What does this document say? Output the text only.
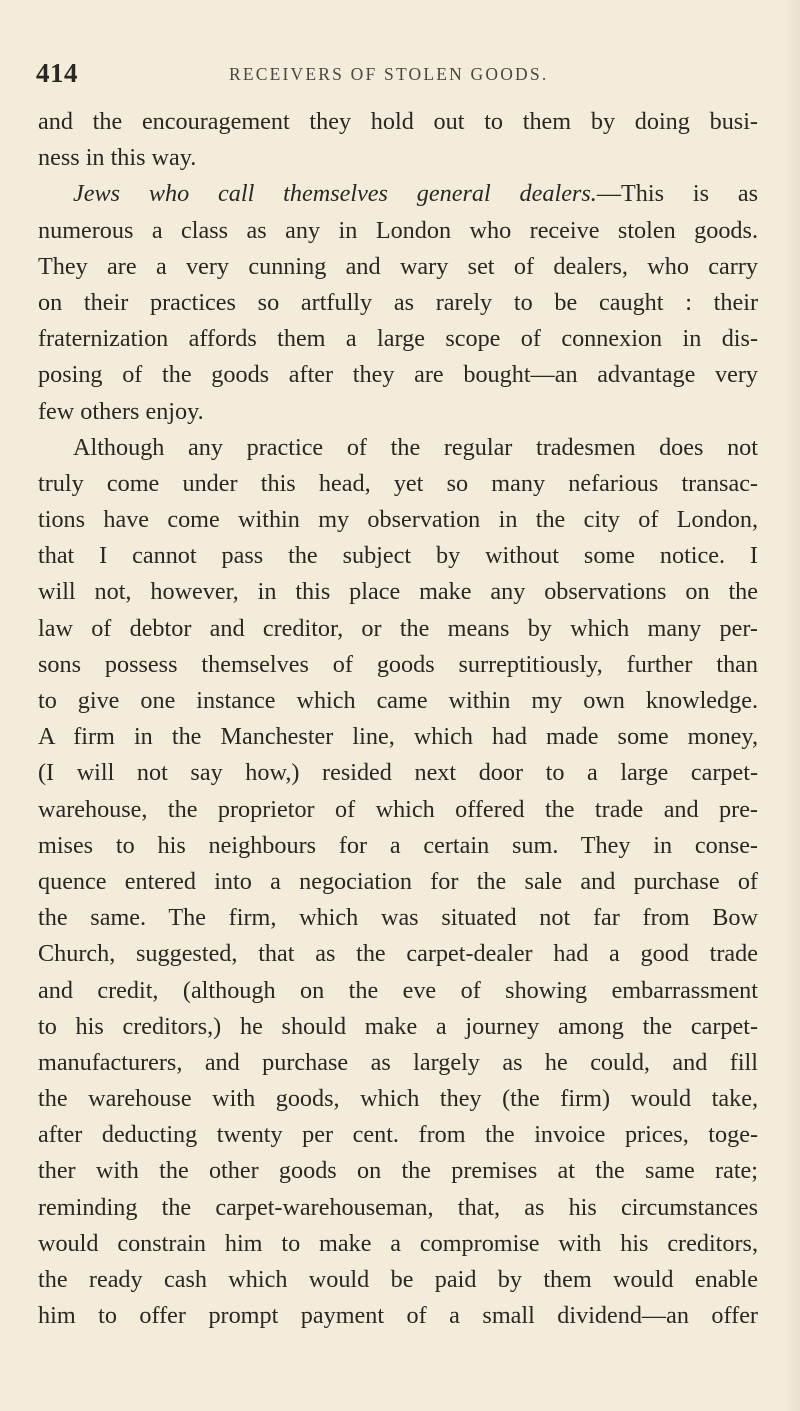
414	RECEIVERS OF STOLEN GOODS.
and the encouragement they hold out to them by doing busi-
ness in this way.
Jews who call themselves general dealers.—This is as
numerous a class as any in London who receive stolen goods.
They are a very cunning and wary set of dealers, who carry
on their practices so artfully as rarely to be caught : their
fraternization affords them a large scope of connexion in dis-
posing of the goods after they are bought—an advantage very
few others enjoy.
Although any practice of the regular tradesmen does not
truly come under this head, yet so many nefarious transac-
tions have come within my observation in the city of London,
that I cannot pass the subject by without some notice. I
will not, however, in this place make any observations on the
law of debtor and creditor, or the means by which many per-
sons possess themselves of goods surreptitiously, further than
to give one instance which came within my own knowledge.
A firm in the Manchester line, which had made some money,
(I will not say how,) resided next door to a large carpet-
warehouse, the proprietor of which offered the trade and pre-
mises to his neighbours for a certain sum. They in conse-
quence entered into a negociation for the sale and purchase of
the same. The firm, which was situated not far from Bow
Church, suggested, that as the carpet-dealer had a good trade
and credit, (although on the eve of showing embarrassment
to his creditors,) he should make a journey among the carpet-
manufacturers, and purchase as largely as he could, and fill
the warehouse with goods, which they (the firm) would take,
after deducting twenty per cent. from the invoice prices, toge-
ther with the other goods on the premises at the same rate;
reminding the carpet-warehouseman, that, as his circumstances
would constrain him to make a compromise with his creditors,
the ready cash which would be paid by them would enable
him to offer prompt payment of a small dividend—an offer
